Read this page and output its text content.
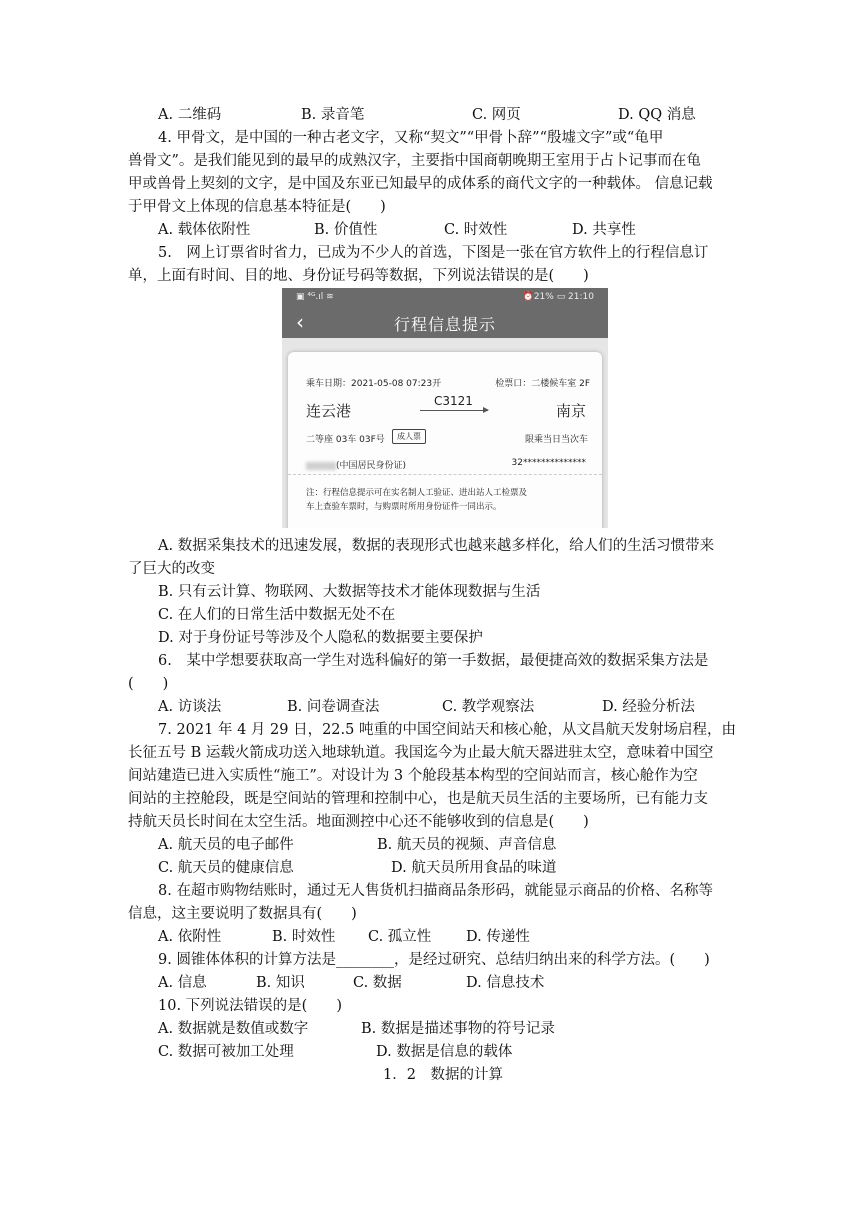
A. 二维码	B. 录音笔	C. 网页	D. QQ 消息
4. 甲骨文，是中国的一种古老文字，又称“契文”“甲骨卜辞”“殷墟文字”或“龟甲
兽骨文”。是我们能见到的最早的成熟汉字，主要指中国商朝晚期王室用于占卜记事而在龟
甲或兽骨上契刻的文字，是中国及东亚已知最早的成体系的商代文字的一种载体。 信息记载
于甲骨文上体现的信息基本特征是(　　)
A. 载体依附性	B. 价值性	C. 时效性	D. 共享性
5.　网上订票省时省力，已成为不少人的首选，下图是一张在官方软件上的行程信息订
单，上面有时间、目的地、身份证号码等数据，下列说法错误的是(　　)
▣ ⁴ᴳ.ıl ≋	⏰21% ▭ 21:10
‹	行程信息提示
乘车日期：2021-05-08 07:23开	检票口：二楼候车室 2F
连云港
C3121
南京
二等座 03车 03F号	成人票	限乘当日当次车
(中国居民身份证)	32**************
注：行程信息提示可在实名制人工验证、进出站人工检票及
车上查验车票时，与购票时所用身份证件一同出示。
A. 数据采集技术的迅速发展，数据的表现形式也越来越多样化，给人们的生活习惯带来
了巨大的改变
B. 只有云计算、物联网、大数据等技术才能体现数据与生活
C. 在人们的日常生活中数据无处不在
D. 对于身份证号等涉及个人隐私的数据要主要保护
6.　某中学想要获取高一学生对选科偏好的第一手数据，最便捷高效的数据采集方法是
(　　)
A. 访谈法	B. 问卷调查法	C. 教学观察法	D. 经验分析法
7. 2021 年 4 月 29 日，22.5 吨重的中国空间站天和核心舱，从文昌航天发射场启程，由
长征五号 B 运载火箭成功送入地球轨道。我国迄今为止最大航天器进驻太空，意味着中国空
间站建造已进入实质性“施工”。对设计为 3 个舱段基本构型的空间站而言，核心舱作为空
间站的主控舱段，既是空间站的管理和控制中心，也是航天员生活的主要场所，已有能力支
持航天员长时间在太空生活。地面测控中心还不能够收到的信息是(　　)
A. 航天员的电子邮件	B. 航天员的视频、声音信息
C. 航天员的健康信息	D. 航天员所用食品的味道
8. 在超市购物结账时，通过无人售货机扫描商品条形码，就能显示商品的价格、名称等
信息，这主要说明了数据具有(　　)
A. 依附性	B. 时效性 C. 孤立性 D. 传递性
9. 圆锥体体积的计算方法是________，是经过研究、总结归纳出来的科学方法。(　　)
A. 信息	B. 知识	C. 数据	D. 信息技术
10. 下列说法错误的是(　　)
A. 数据就是数值或数字	B. 数据是描述事物的符号记录
C. 数据可被加工处理	D. 数据是信息的载体
1．2　数据的计算
